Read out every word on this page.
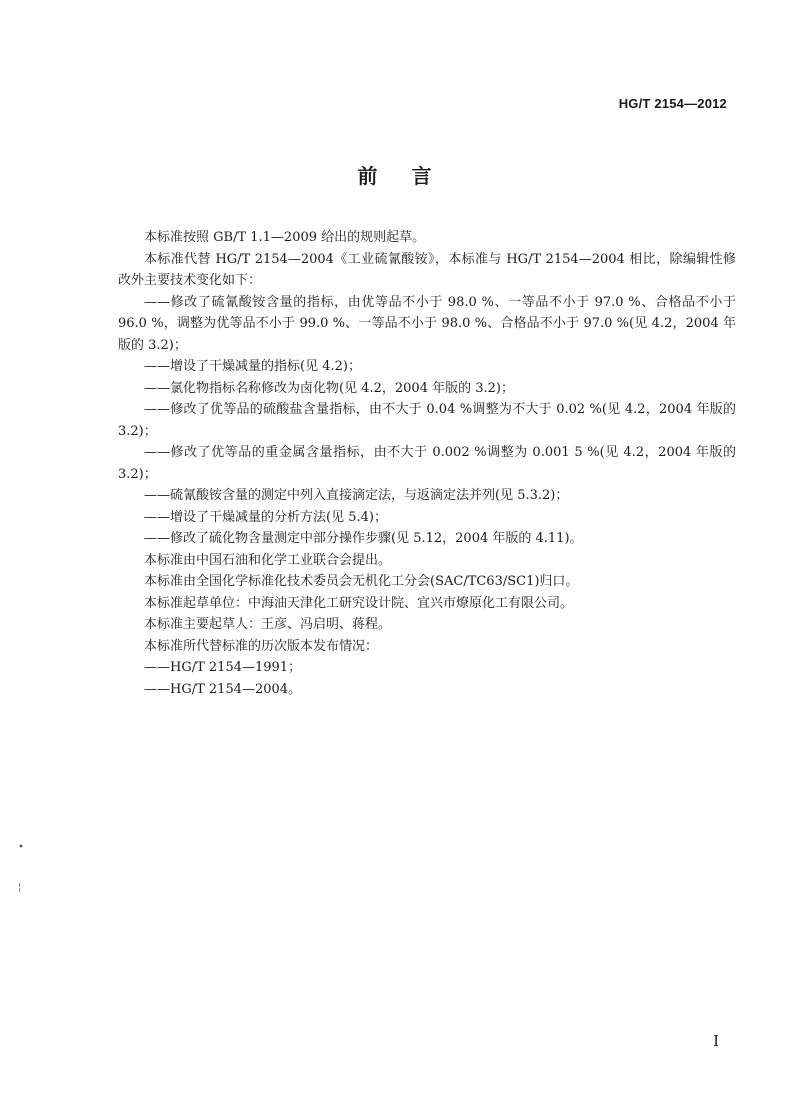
HG/T 2154—2012
前言

本标准按照 GB/T 1.1—2009 给出的规则起草。

本标准代替 HG/T 2154—2004《工业硫氰酸铵》，本标准与 HG/T 2154—2004 相比，除编辑性修改外主要技术变化如下：

——修改了硫氰酸铵含量的指标，由优等品不小于 98.0 %、一等品不小于 97.0 %、合格品不小于 96.0 %，调整为优等品不小于 99.0 %、一等品不小于 98.0 %、合格品不小于 97.0 %(见 4.2，2004 年版的 3.2)；

——增设了干燥减量的指标(见 4.2)；

——氯化物指标名称修改为卤化物(见 4.2，2004 年版的 3.2)；

——修改了优等品的硫酸盐含量指标，由不大于 0.04 %调整为不大于 0.02 %(见 4.2，2004 年版的 3.2)；

——修改了优等品的重金属含量指标，由不大于 0.002 %调整为 0.001 5 %(见 4.2，2004 年版的 3.2)；

——硫氰酸铵含量的测定中列入直接滴定法，与返滴定法并列(见 5.3.2)；

——增设了干燥减量的分析方法(见 5.4)；

——修改了硫化物含量测定中部分操作步骤(见 5.12，2004 年版的 4.11)。

本标准由中国石油和化学工业联合会提出。

本标准由全国化学标准化技术委员会无机化工分会(SAC/TC63/SC1)归口。

本标准起草单位：中海油天津化工研究设计院、宜兴市燎原化工有限公司。

本标准主要起草人：王彦、冯启明、蒋程。

本标准所代替标准的历次版本发布情况：

——HG/T 2154—1991；

——HG/T 2154—2004。

•
¦
I
